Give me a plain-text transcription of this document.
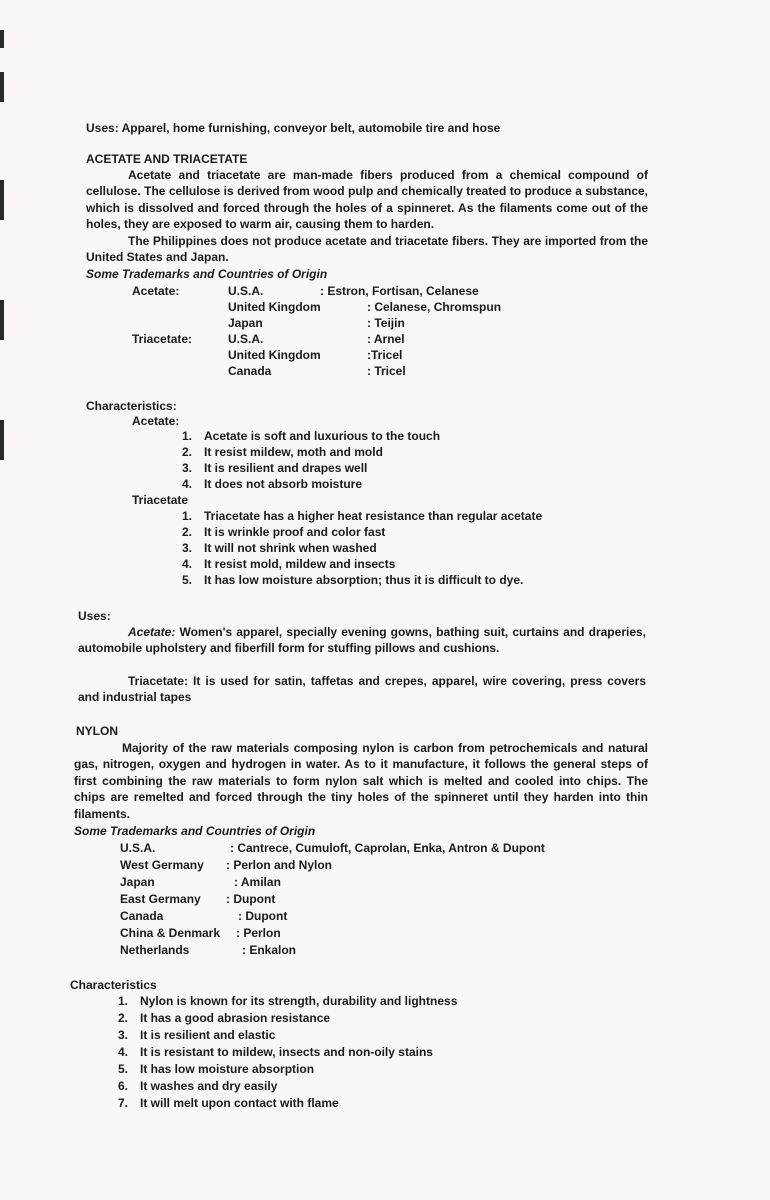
Uses: Apparel, home furnishing, conveyor belt, automobile tire and hose
ACETATE AND TRIACETATE
Acetate and triacetate are man-made fibers produced from a chemical compound of cellulose. The cellulose is derived from wood pulp and chemically treated to produce a substance, which is dissolved and forced through the holes of a spinneret. As the filaments come out of the holes, they are exposed to warm air, causing them to harden.
The Philippines does not produce acetate and triacetate fibers. They are imported from the United States and Japan.
Some Trademarks and Countries of Origin
Acetate:	U.S.A.	: Estron, Fortisan, Celanese
United Kingdom	: Celanese, Chromspun
Japan	: Teijin
Triacetate:	U.S.A.	: Arnel
United Kingdom	:Tricel
Canada	: Tricel
Characteristics:
Acetate:
1. Acetate is soft and luxurious to the touch
2. It resist mildew, moth and mold
3. It is resilient and drapes well
4. It does not absorb moisture
Triacetate
1. Triacetate has a higher heat resistance than regular acetate
2. It is wrinkle proof and color fast
3. It will not shrink when washed
4. It resist mold, mildew and insects
5. It has low moisture absorption; thus it is difficult to dye.
Uses:
Acetate: Women's apparel, specially evening gowns, bathing suit, curtains and draperies, automobile upholstery and fiberfill form for stuffing pillows and cushions.
Triacetate: It is used for satin, taffetas and crepes, apparel, wire covering, press covers and industrial tapes
NYLON
Majority of the raw materials composing nylon is carbon from petrochemicals and natural gas, nitrogen, oxygen and hydrogen in water. As to it manufacture, it follows the general steps of first combining the raw materials to form nylon salt which is melted and cooled into chips. The chips are remelted and forced through the tiny holes of the spinneret until they harden into thin filaments.
Some Trademarks and Countries of Origin
U.S.A.	: Cantrece, Cumuloft, Caprolan, Enka, Antron & Dupont
West Germany : Perlon and Nylon
Japan	: Amilan
East Germany : Dupont
Canada	: Dupont
China & Denmark : Perlon
Netherlands	: Enkalon
Characteristics
1. Nylon is known for its strength, durability and lightness
2. It has a good abrasion resistance
3. It is resilient and elastic
4. It is resistant to mildew, insects and non-oily stains
5. It has low moisture absorption
6. It washes and dry easily
7. It will melt upon contact with flame
